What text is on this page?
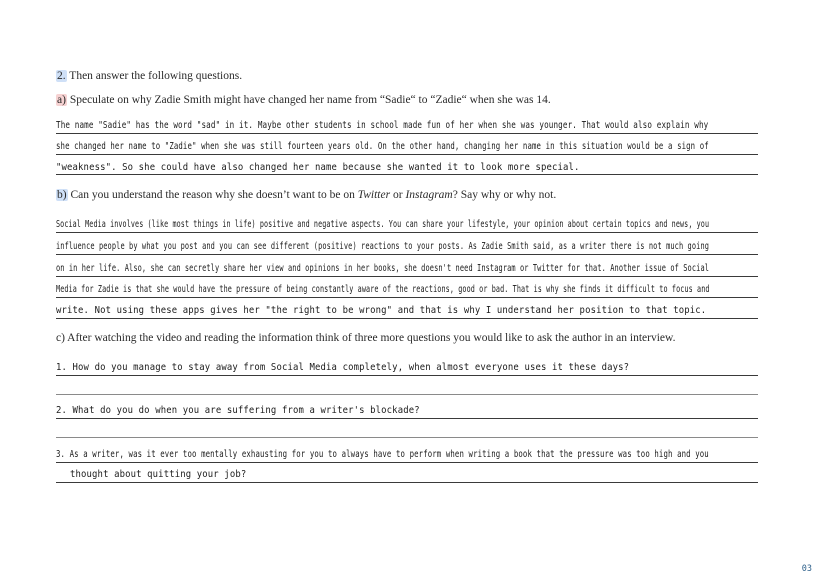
2. Then answer the following questions.
a) Speculate on why Zadie Smith might have changed her name from “Sadie“ to “Zadie“ when she was 14.
The name "Sadie" has the word "sad" in it. Maybe other students in school made fun of her when she was younger. That would also explain why
she changed her name to "Zadie" when she was still fourteen years old. On the other hand, changing her name in this situation would be a sign of
"weakness". So she could have also changed her name because she wanted it to look more special.
b) Can you understand the reason why she doesn’t want to be on Twitter or Instagram? Say why or why not.
Social Media involves (like most things in life) positive and negative aspects. You can share your lifestyle, your opinion about certain topics and news, you
influence people by what you post and you can see different (positive) reactions to your posts. As Zadie Smith said, as a writer there is not much going
on in her life. Also, she can secretly share her view and opinions in her books, she doesn't need Instagram or Twitter for that. Another issue of Social
Media for Zadie is that she would have the pressure of being constantly aware of the reactions, good or bad. That is why she finds it difficult to focus and
write. Not using these apps gives her "the right to be wrong" and that is why I understand her position to that topic.
c) After watching the video and reading the information think of three more questions you would like to ask the author in an interview.
1. How do you manage to stay away from Social Media completely, when almost everyone uses it these days?
2. What do you do when you are suffering from a writer's blockade?
3. As a writer, was it ever too mentally exhausting for you to always have to perform when writing a book that the pressure was too high and you
thought about quitting your job?
03
